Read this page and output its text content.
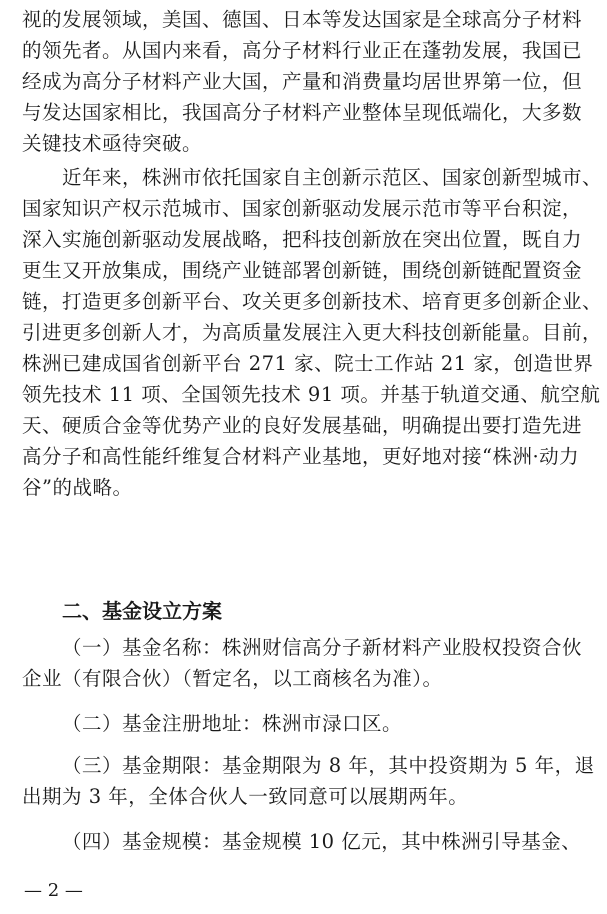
视的发展领域，美国、德国、日本等发达国家是全球高分子材料
的领先者。从国内来看，高分子材料行业正在蓬勃发展，我国已
经成为高分子材料产业大国，产量和消费量均居世界第一位，但
与发达国家相比，我国高分子材料产业整体呈现低端化，大多数
关键技术亟待突破。
近年来，株洲市依托国家自主创新示范区、国家创新型城市、
国家知识产权示范城市、国家创新驱动发展示范市等平台积淀，
深入实施创新驱动发展战略，把科技创新放在突出位置，既自力
更生又开放集成，围绕产业链部署创新链，围绕创新链配置资金
链，打造更多创新平台、攻关更多创新技术、培育更多创新企业、
引进更多创新人才，为高质量发展注入更大科技创新能量。目前，
株洲已建成国省创新平台 271 家、院士工作站 21 家，创造世界
领先技术 11 项、全国领先技术 91 项。并基于轨道交通、航空航
天、硬质合金等优势产业的良好发展基础，明确提出要打造先进
高分子和高性能纤维复合材料产业基地，更好地对接“株洲·动力
谷”的战略。
二、基金设立方案
（一）基金名称：株洲财信高分子新材料产业股权投资合伙
企业（有限合伙）（暂定名，以工商核名为准）。
（二）基金注册地址：株洲市渌口区。
（三）基金期限：基金期限为 8 年，其中投资期为 5 年，退
出期为 3 年，全体合伙人一致同意可以展期两年。
（四）基金规模：基金规模 10 亿元，其中株洲引导基金、
— 2 —
